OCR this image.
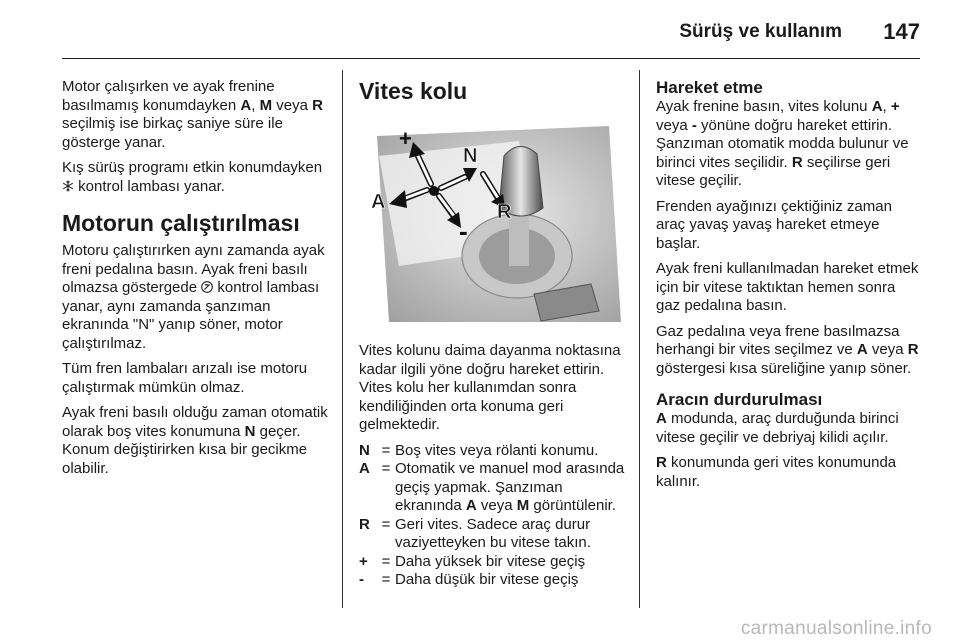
Sürüş ve kullanım 147

Motor çalışırken ve ayak frenine basılmamış konumdayken A, M veya R seçilmiş ise birkaç saniye süre ile gösterge yanar.

Kış sürüş programı etkin konumdayken  kontrol lambası yanar.

Motorun çalıştırılması

Motoru çalıştırırken aynı zamanda ayak freni pedalına basın. Ayak freni basılı olmazsa göstergede  kontrol lambası yanar, aynı zamanda şanzıman ekranında "N" yanıp söner, motor çalıştırılmaz.

Tüm fren lambaları arızalı ise motoru çalıştırmak mümkün olmaz.

Ayak freni basılı olduğu zaman otomatik olarak boş vites konumuna N geçer. Konum değiştirirken kısa bir gecikme olabilir.

Vites kolu
+
N
A
-
R

Vites kolunu daima dayanma noktasına kadar ilgili yöne doğru hareket ettirin. Vites kolu her kullanımdan sonra kendiliğinden orta konuma geri gelmektedir.

N = Boş vites veya rölanti konumu.
A = Otomatik ve manuel mod arasında geçiş yapmak. Şanzıman ekranında A veya M görüntülenir.
R = Geri vites. Sadece araç durur vaziyetteyken bu vitese takın.
+ = Daha yüksek bir vitese geçiş
-	= Daha düşük bir vitese geçiş
Hareket etme

Ayak frenine basın, vites kolunu A, + veya - yönüne doğru hareket ettirin. Şanzıman otomatik modda bulunur ve birinci vites seçilidir. R seçilirse geri vitese geçilir.

Frenden ayağınızı çektiğiniz zaman araç yavaş yavaş hareket etmeye başlar.

Ayak freni kullanılmadan hareket etmek için bir vitese taktıktan hemen sonra gaz pedalına basın.

Gaz pedalına veya frene basılmazsa herhangi bir vites seçilmez ve A veya R göstergesi kısa süreliğine yanıp söner.

Aracın durdurulması

A modunda, araç durduğunda birinci vitese geçilir ve debriyaj kilidi açılır.

R konumunda geri vites konumunda kalınır.

carmanualsonline.info
